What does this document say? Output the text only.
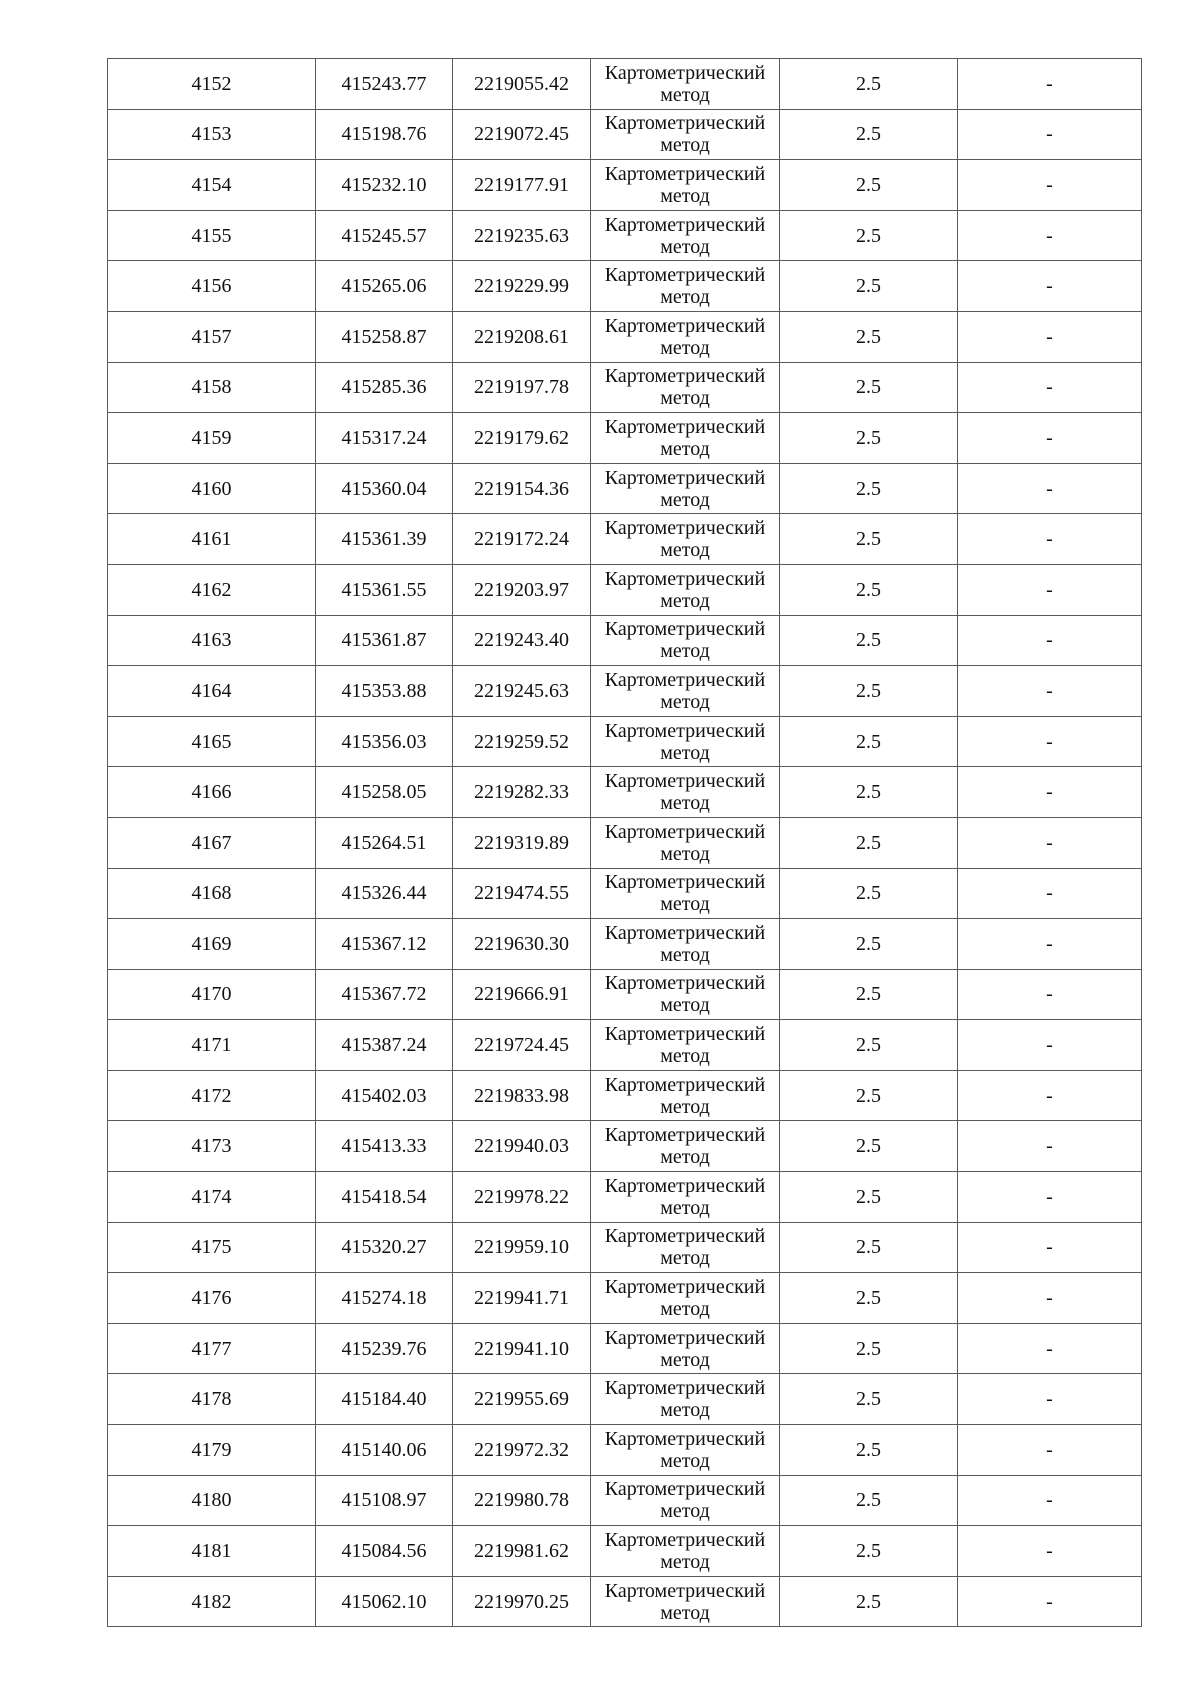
4152	415243.77	2219055.42	Картометрический
метод	2.5	-
4153	415198.76	2219072.45	Картометрический
метод	2.5	-
4154	415232.10	2219177.91	Картометрический
метод	2.5	-
4155	415245.57	2219235.63	Картометрический
метод	2.5	-
4156	415265.06	2219229.99	Картометрический
метод	2.5	-
4157	415258.87	2219208.61	Картометрический
метод	2.5	-
4158	415285.36	2219197.78	Картометрический
метод	2.5	-
4159	415317.24	2219179.62	Картометрический
метод	2.5	-
4160	415360.04	2219154.36	Картометрический
метод	2.5	-
4161	415361.39	2219172.24	Картометрический
метод	2.5	-
4162	415361.55	2219203.97	Картометрический
метод	2.5	-
4163	415361.87	2219243.40	Картометрический
метод	2.5	-
4164	415353.88	2219245.63	Картометрический
метод	2.5	-
4165	415356.03	2219259.52	Картометрический
метод	2.5	-
4166	415258.05	2219282.33	Картометрический
метод	2.5	-
4167	415264.51	2219319.89	Картометрический
метод	2.5	-
4168	415326.44	2219474.55	Картометрический
метод	2.5	-
4169	415367.12	2219630.30	Картометрический
метод	2.5	-
4170	415367.72	2219666.91	Картометрический
метод	2.5	-
4171	415387.24	2219724.45	Картометрический
метод	2.5	-
4172	415402.03	2219833.98	Картометрический
метод	2.5	-
4173	415413.33	2219940.03	Картометрический
метод	2.5	-
4174	415418.54	2219978.22	Картометрический
метод	2.5	-
4175	415320.27	2219959.10	Картометрический
метод	2.5	-
4176	415274.18	2219941.71	Картометрический
метод	2.5	-
4177	415239.76	2219941.10	Картометрический
метод	2.5	-
4178	415184.40	2219955.69	Картометрический
метод	2.5	-
4179	415140.06	2219972.32	Картометрический
метод	2.5	-
4180	415108.97	2219980.78	Картометрический
метод	2.5	-
4181	415084.56	2219981.62	Картометрический
метод	2.5	-
4182	415062.10	2219970.25	Картометрический
метод	2.5	-
